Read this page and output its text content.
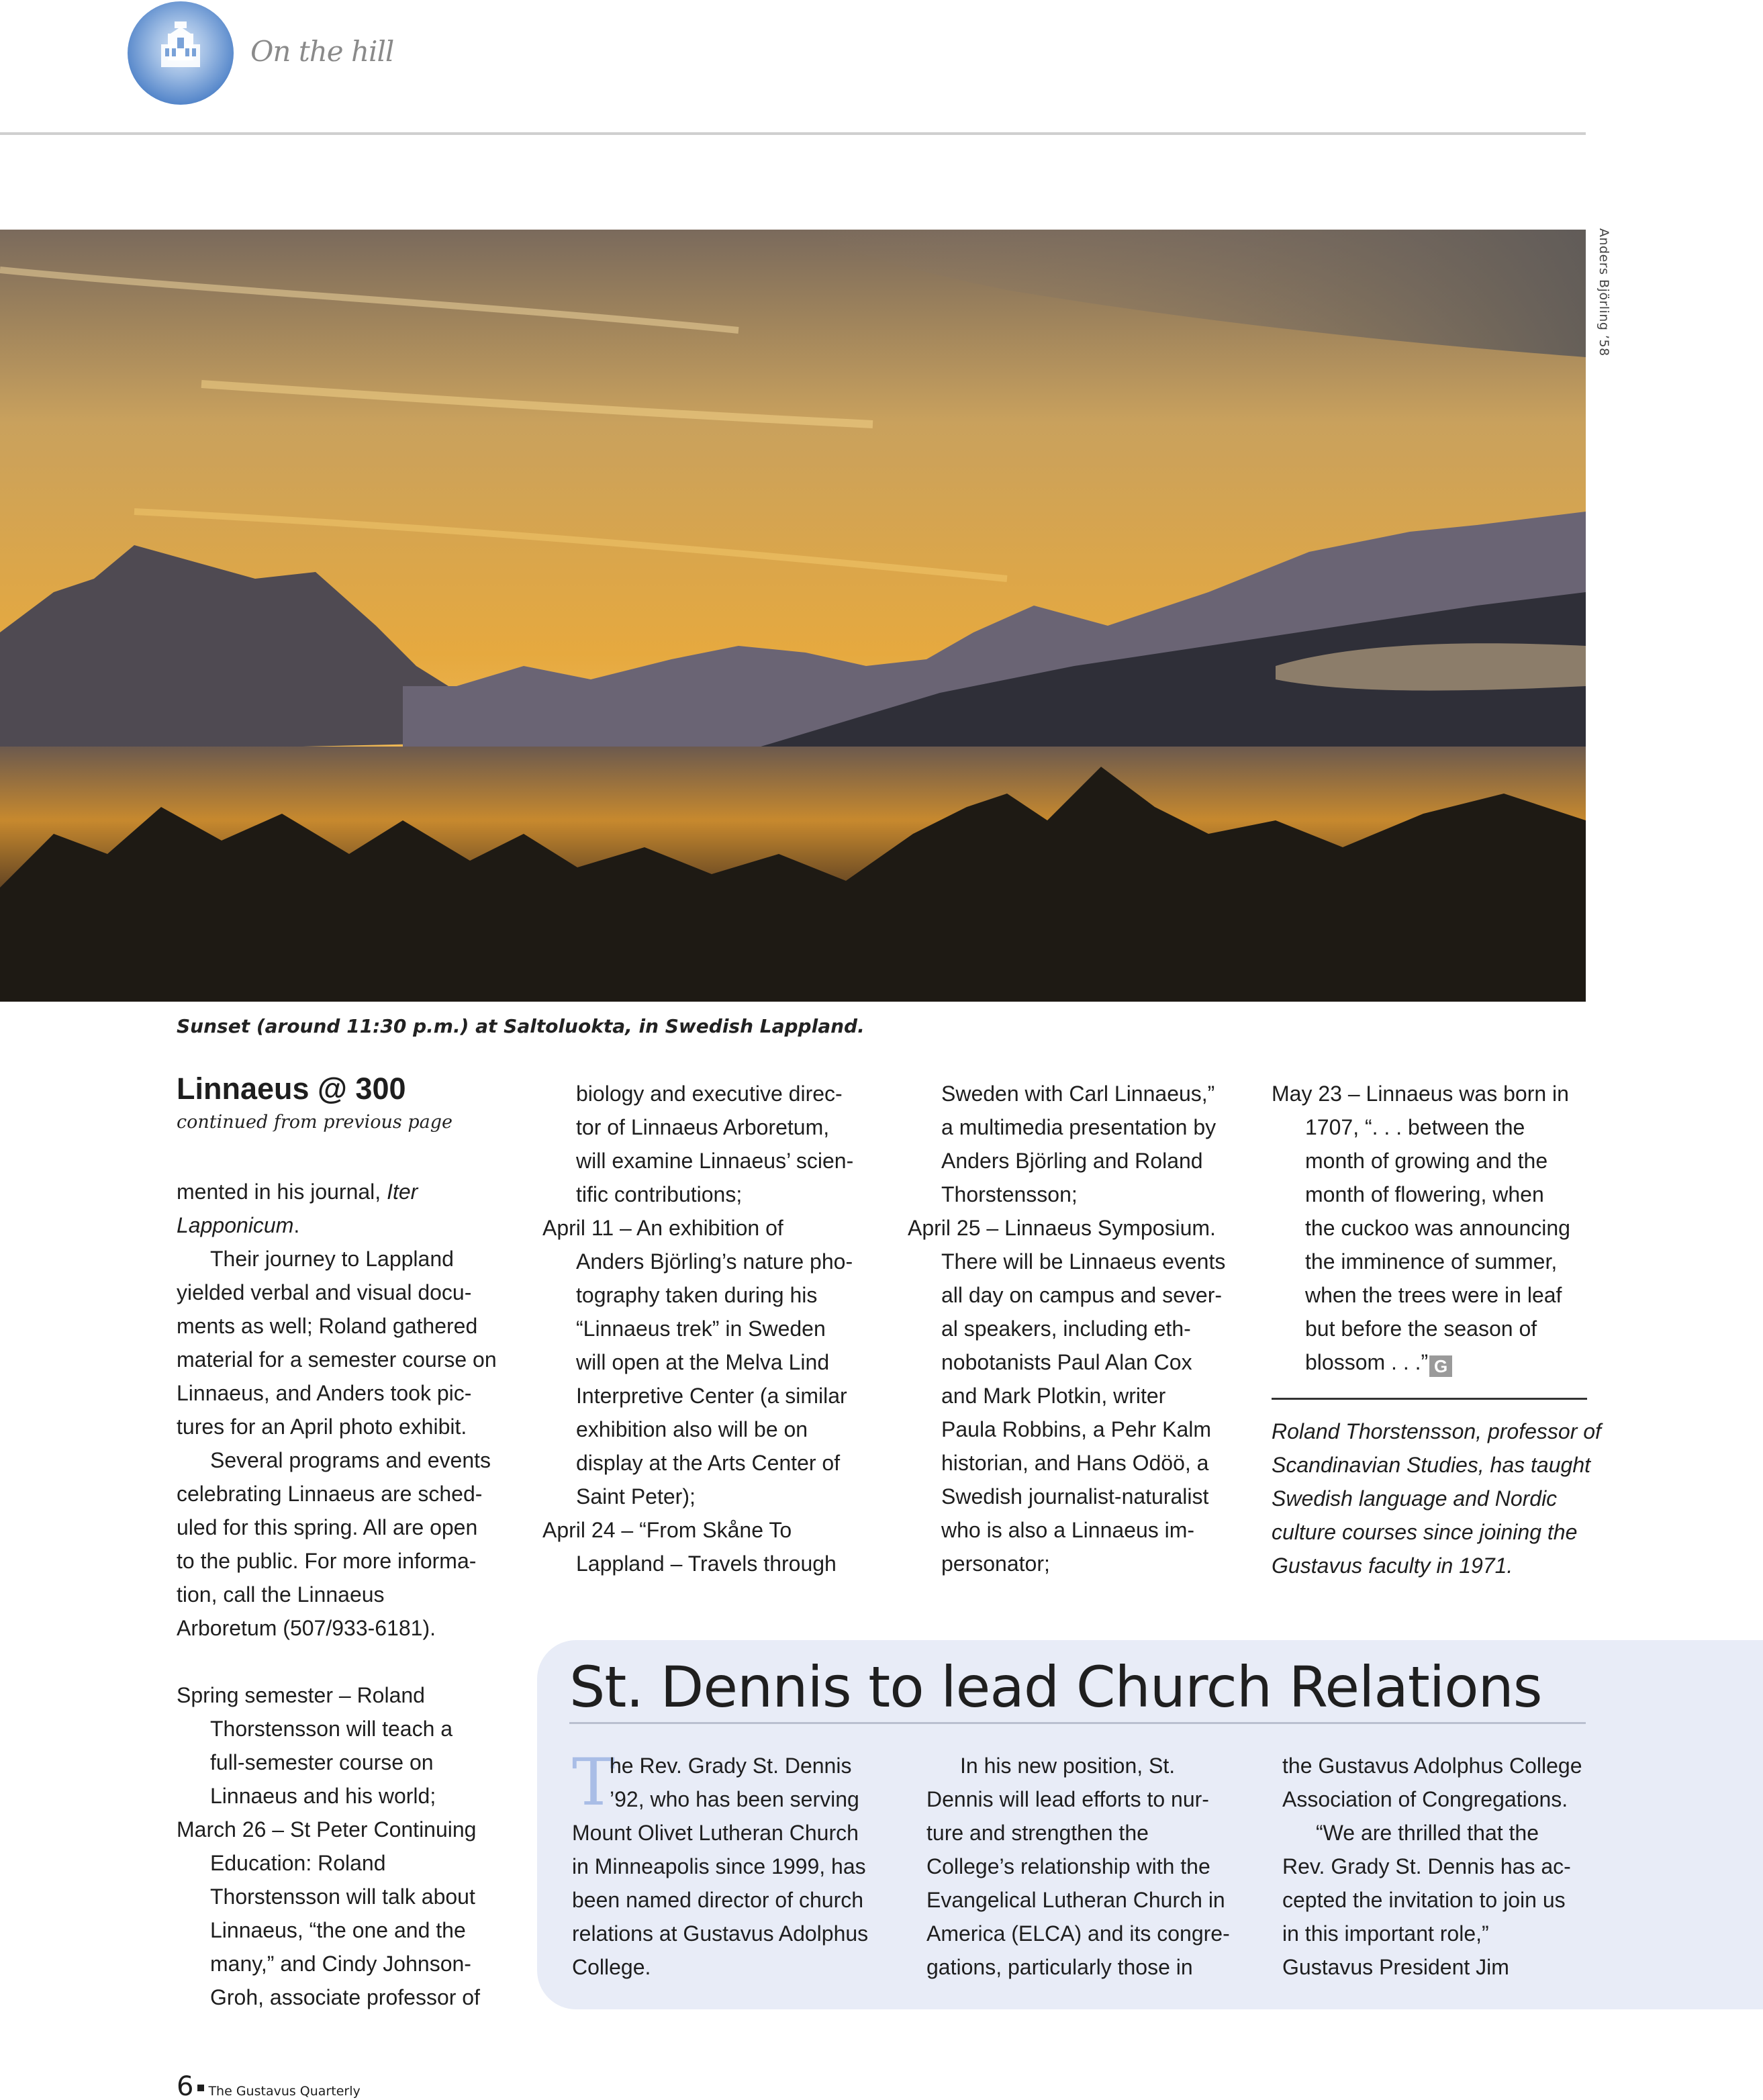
On the hill
Anders Björling ’58
Sunset (around 11:30 p.m.) at Saltoluokta, in Swedish Lappland.
Linnaeus @ 300
continued from previous page

mented in his journal, Iter

Lapponicum.

Their journey to Lappland

yielded verbal and visual docu-

ments as well; Roland gathered

material for a semester course on

Linnaeus, and Anders took pic-

tures for an April photo exhibit.

Several programs and events

celebrating Linnaeus are sched-

uled for this spring. All are open

to the public. For more informa-

tion, call the Linnaeus

Arboretum (507/933-6181).

Spring semester – Roland

Thorstensson will teach a

full-semester course on

Linnaeus and his world;

March 26 – St Peter Continuing

Education: Roland

Thorstensson will talk about

Linnaeus, “the one and the

many,” and Cindy Johnson-

Groh, associate professor of

biology and executive direc-

tor of Linnaeus Arboretum,

will examine Linnaeus’ scien-

tific contributions;

April 11 – An exhibition of

Anders Björling’s nature pho-

tography taken during his

“Linnaeus trek” in Sweden

will open at the Melva Lind

Interpretive Center (a similar

exhibition also will be on

display at the Arts Center of

Saint Peter);

April 24 – “From Skåne To

Lappland – Travels through

Sweden with Carl Linnaeus,”

a multimedia presentation by

Anders Björling and Roland

Thorstensson;

April 25 – Linnaeus Symposium.

There will be Linnaeus events

all day on campus and sever-

al speakers, including eth-

nobotanists Paul Alan Cox

and Mark Plotkin, writer

Paula Robbins, a Pehr Kalm

historian, and Hans Odöö, a

Swedish journalist-naturalist

who is also a Linnaeus im-

personator;

May 23 – Linnaeus was born in

1707, “. . . between the

month of growing and the

month of flowering, when

the cuckoo was announcing

the imminence of summer,

when the trees were in leaf

but before the season of

blossom . . .” G

Roland Thorstensson, professor of

Scandinavian Studies, has taught

Swedish language and Nordic

culture courses since joining the

Gustavus faculty in 1971.

St. Dennis to lead Church Relations
T

he Rev. Grady St. Dennis

’92, who has been serving

Mount Olivet Lutheran Church

in Minneapolis since 1999, has

been named director of church

relations at Gustavus Adolphus

College.

In his new position, St.

Dennis will lead efforts to nur-

ture and strengthen the

College’s relationship with the

Evangelical Lutheran Church in

America (ELCA) and its congre-

gations, particularly those in

the Gustavus Adolphus College

Association of Congregations.

“We are thrilled that the

Rev. Grady St. Dennis has ac-

cepted the invitation to join us

in this important role,”

Gustavus President Jim

6 The Gustavus Quarterly
